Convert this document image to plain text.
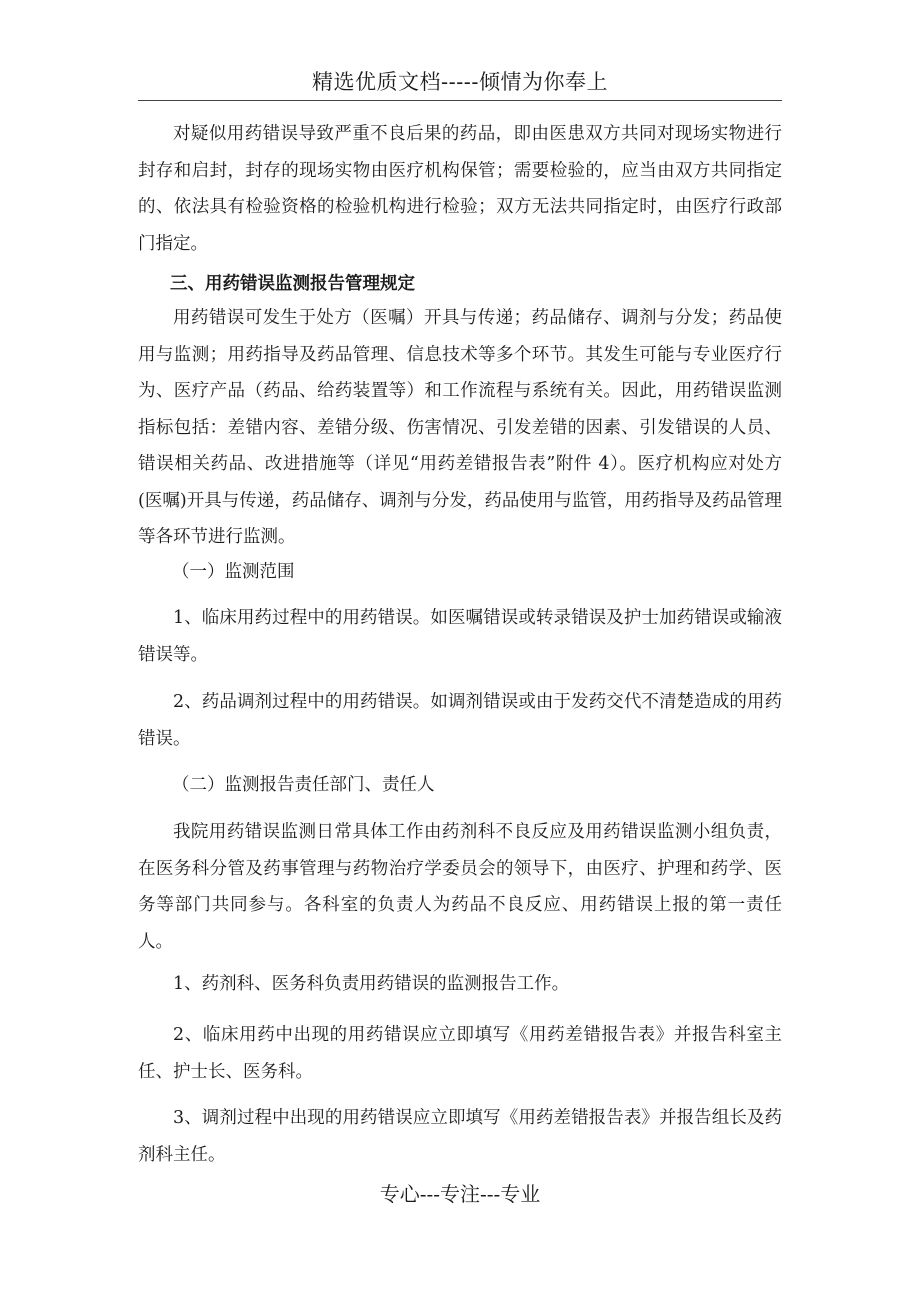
精选优质文档-----倾情为你奉上

对疑似用药错误导致严重不良后果的药品，即由医患双方共同对现场实物进行封存和启封，封存的现场实物由医疗机构保管；需要检验的，应当由双方共同指定的、依法具有检验资格的检验机构进行检验；双方无法共同指定时，由医疗行政部门指定。

三、用药错误监测报告管理规定

用药错误可发生于处方（医嘱）开具与传递；药品储存、调剂与分发；药品使用与监测；用药指导及药品管理、信息技术等多个环节。其发生可能与专业医疗行为、医疗产品（药品、给药装置等）和工作流程与系统有关。因此，用药错误监测指标包括：差错内容、差错分级、伤害情况、引发差错的因素、引发错误的人员、错误相关药品、改进措施等（详见“用药差错报告表”附件 4）。医疗机构应对处方(医嘱)开具与传递，药品储存、调剂与分发，药品使用与监管，用药指导及药品管理等各环节进行监测。

（一）监测范围

1、临床用药过程中的用药错误。如医嘱错误或转录错误及护士加药错误或输液错误等。

2、药品调剂过程中的用药错误。如调剂错误或由于发药交代不清楚造成的用药错误。

（二）监测报告责任部门、责任人

我院用药错误监测日常具体工作由药剂科不良反应及用药错误监测小组负责，在医务科分管及药事管理与药物治疗学委员会的领导下，由医疗、护理和药学、医务等部门共同参与。各科室的负责人为药品不良反应、用药错误上报的第一责任人。

1、药剂科、医务科负责用药错误的监测报告工作。

2、临床用药中出现的用药错误应立即填写《用药差错报告表》并报告科室主任、护士长、医务科。

3、调剂过程中出现的用药错误应立即填写《用药差错报告表》并报告组长及药剂科主任。

专心---专注---专业
